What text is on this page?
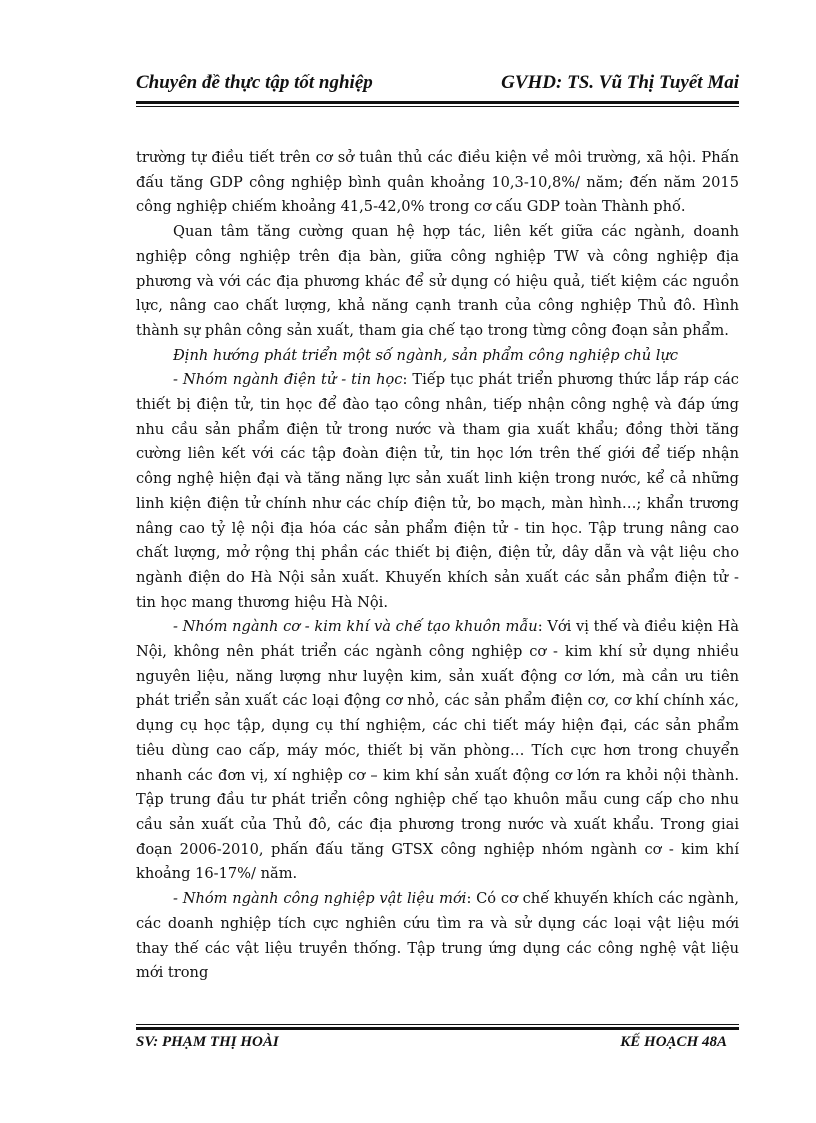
Chuyên đề thực tập tốt nghiệp	GVHD: TS. Vũ Thị Tuyết Mai

trường tự điều tiết trên cơ sở tuân thủ các điều kiện về môi trường, xã hội. Phấn đấu tăng GDP công nghiệp bình quân khoảng 10,3-10,8%/ năm; đến năm 2015 công nghiệp chiếm khoảng 41,5-42,0% trong cơ cấu GDP toàn Thành phố.

Quan tâm tăng cường quan hệ hợp tác, liên kết giữa các ngành, doanh nghiệp công nghiệp trên địa bàn, giữa công nghiệp TW và công nghiệp địa phương và với các địa phương khác để sử dụng có hiệu quả, tiết kiệm các nguồn lực, nâng cao chất lượng, khả năng cạnh tranh của công nghiệp Thủ đô. Hình thành sự phân công sản xuất, tham gia chế tạo trong từng công đoạn sản phẩm.

Định hướng phát triển một số ngành, sản phẩm công nghiệp chủ lực

- Nhóm ngành điện tử - tin học: Tiếp tục phát triển phương thức lắp ráp các thiết bị điện tử, tin học để đào tạo công nhân, tiếp nhận công nghệ và đáp ứng nhu cầu sản phẩm điện tử trong nước và tham gia xuất khẩu; đồng thời tăng cường liên kết với các tập đoàn điện tử, tin học lớn trên thế giới để tiếp nhận công nghệ hiện đại và tăng năng lực sản xuất linh kiện trong nước, kể cả những linh kiện điện tử chính như các chíp điện tử, bo mạch, màn hình…; khẩn trương nâng cao tỷ lệ nội địa hóa các sản phẩm điện tử - tin học. Tập trung nâng cao chất lượng, mở rộng thị phần các thiết bị điện, điện tử, dây dẫn và vật liệu cho ngành điện do Hà Nội sản xuất. Khuyến khích sản xuất các sản phẩm điện tử - tin học mang thương hiệu Hà Nội.

- Nhóm ngành cơ - kim khí và chế tạo khuôn mẫu: Với vị thế và điều kiện Hà Nội, không nên phát triển các ngành công nghiệp cơ - kim khí sử dụng nhiều nguyên liệu, năng lượng như luyện kim, sản xuất động cơ lớn, mà cần ưu tiên phát triển sản xuất các loại động cơ nhỏ, các sản phẩm điện cơ, cơ khí chính xác, dụng cụ học tập, dụng cụ thí nghiệm, các chi tiết máy hiện đại, các sản phẩm tiêu dùng cao cấp, máy móc, thiết bị văn phòng… Tích cực hơn trong chuyển nhanh các đơn vị, xí nghiệp cơ – kim khí sản xuất động cơ lớn ra khỏi nội thành. Tập trung đầu tư phát triển công nghiệp chế tạo khuôn mẫu cung cấp cho nhu cầu sản xuất của Thủ đô, các địa phương trong nước và xuất khẩu. Trong giai đoạn 2006-2010, phấn đấu tăng GTSX công nghiệp nhóm ngành cơ - kim khí khoảng 16-17%/ năm.

- Nhóm ngành công nghiệp vật liệu mới: Có cơ chế khuyến khích các ngành, các doanh nghiệp tích cực nghiên cứu tìm ra và sử dụng các loại vật liệu mới thay thế các vật liệu truyền thống. Tập trung ứng dụng các công nghệ vật liệu mới trong

SV: PHẠM THỊ HOÀI	KẾ HOẠCH 48A
